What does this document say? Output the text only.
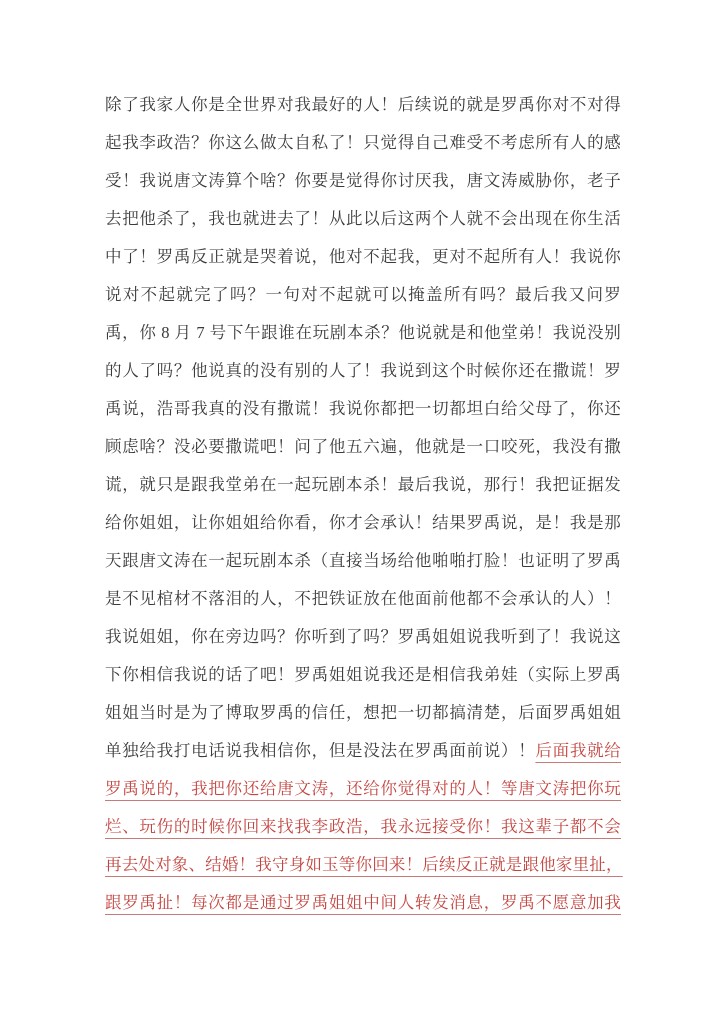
除了我家人你是全世界对我最好的人！后续说的就是罗禹你对不对得
起我李政浩？你这么做太自私了！只觉得自己难受不考虑所有人的感
受！我说唐文涛算个啥？你要是觉得你讨厌我，唐文涛威胁你，老子
去把他杀了，我也就进去了！从此以后这两个人就不会出现在你生活
中了！罗禹反正就是哭着说，他对不起我，更对不起所有人！我说你
说对不起就完了吗？一句对不起就可以掩盖所有吗？最后我又问罗
禹，你 8 月 7 号下午跟谁在玩剧本杀？他说就是和他堂弟！我说没别
的人了吗？他说真的没有别的人了！我说到这个时候你还在撒谎！罗
禹说，浩哥我真的没有撒谎！我说你都把一切都坦白给父母了，你还
顾虑啥？没必要撒谎吧！问了他五六遍，他就是一口咬死，我没有撒
谎，就只是跟我堂弟在一起玩剧本杀！最后我说，那行！我把证据发
给你姐姐，让你姐姐给你看，你才会承认！结果罗禹说，是！我是那
天跟唐文涛在一起玩剧本杀（直接当场给他啪啪打脸！也证明了罗禹
是不见棺材不落泪的人，不把铁证放在他面前他都不会承认的人）！
我说姐姐，你在旁边吗？你听到了吗？罗禹姐姐说我听到了！我说这
下你相信我说的话了吧！罗禹姐姐说我还是相信我弟娃（实际上罗禹
姐姐当时是为了博取罗禹的信任，想把一切都搞清楚，后面罗禹姐姐
单独给我打电话说我相信你，但是没法在罗禹面前说）！后面我就给
罗禹说的，我把你还给唐文涛，还给你觉得对的人！等唐文涛把你玩
烂、玩伤的时候你回来找我李政浩，我永远接受你！我这辈子都不会
再去处对象、结婚！我守身如玉等你回来！后续反正就是跟他家里扯，
跟罗禹扯！每次都是通过罗禹姐姐中间人转发消息，罗禹不愿意加我
